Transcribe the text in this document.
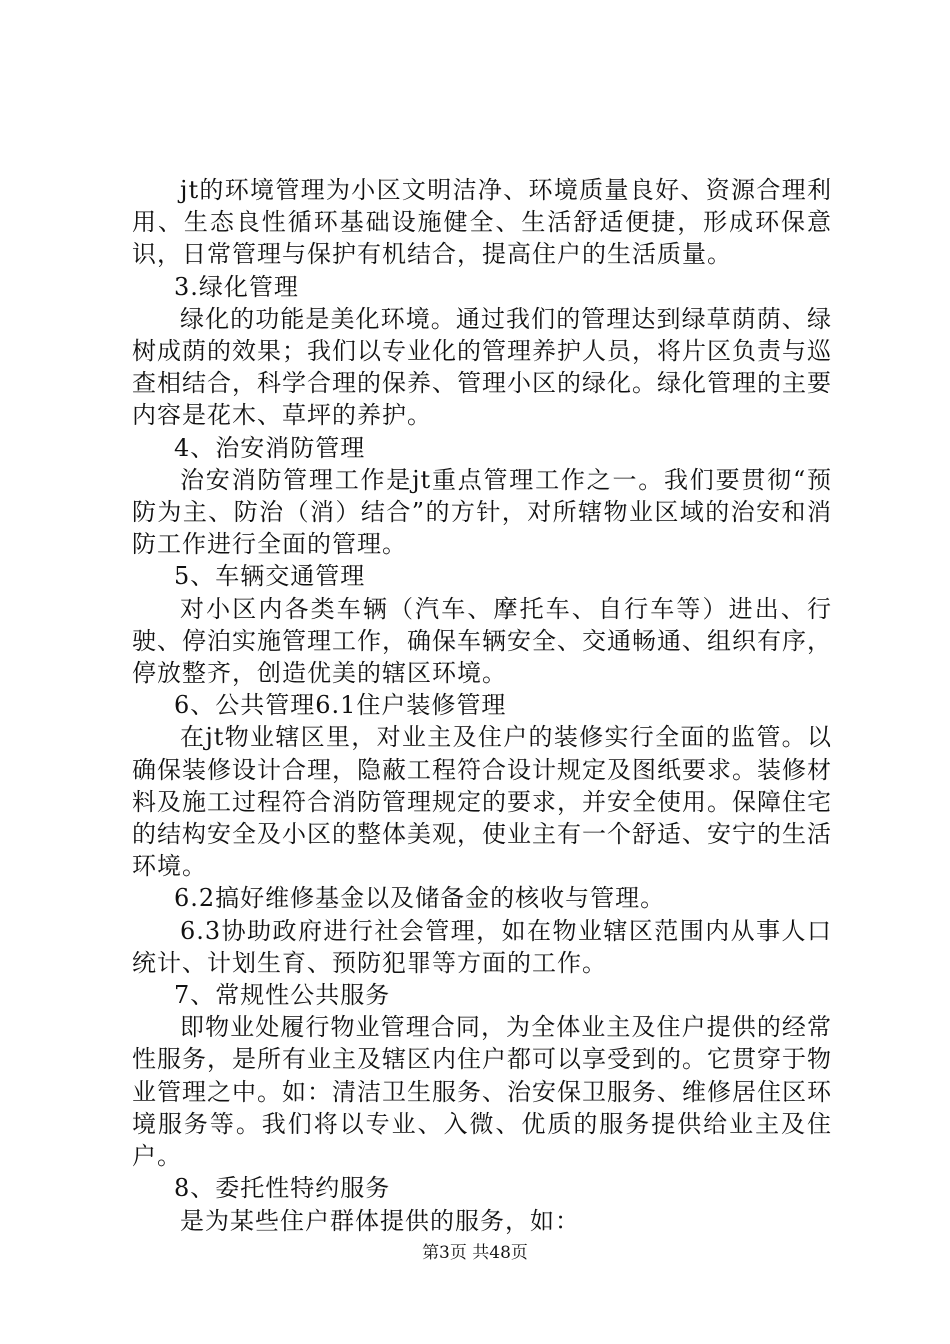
jt的环境管理为小区文明洁净、环境质量良好、资源合理利用、生态良性循环基础设施健全、生活舒适便捷，形成环保意识，日常管理与保护有机结合，提高住户的生活质量。

3.绿化管理

绿化的功能是美化环境。通过我们的管理达到绿草荫荫、绿树成荫的效果；我们以专业化的管理养护人员，将片区负责与巡查相结合，科学合理的保养、管理小区的绿化。绿化管理的主要内容是花木、草坪的养护。

4、治安消防管理

治安消防管理工作是jt重点管理工作之一。我们要贯彻“预防为主、防治（消）结合”的方针，对所辖物业区域的治安和消防工作进行全面的管理。

5、车辆交通管理

对小区内各类车辆（汽车、摩托车、自行车等）进出、行驶、停泊实施管理工作，确保车辆安全、交通畅通、组织有序，停放整齐，创造优美的辖区环境。

6、公共管理6.1住户装修管理

在jt物业辖区里，对业主及住户的装修实行全面的监管。以确保装修设计合理，隐蔽工程符合设计规定及图纸要求。装修材料及施工过程符合消防管理规定的要求，并安全使用。保障住宅的结构安全及小区的整体美观，使业主有一个舒适、安宁的生活环境。

6.2搞好维修基金以及储备金的核收与管理。

6.3协助政府进行社会管理，如在物业辖区范围内从事人口统计、计划生育、预防犯罪等方面的工作。

7、常规性公共服务

即物业处履行物业管理合同，为全体业主及住户提供的经常性服务，是所有业主及辖区内住户都可以享受到的。它贯穿于物业管理之中。如：清洁卫生服务、治安保卫服务、维修居住区环境服务等。我们将以专业、入微、优质的服务提供给业主及住户。

8、委托性特约服务

是为某些住户群体提供的服务，如：

第3页 共48页
